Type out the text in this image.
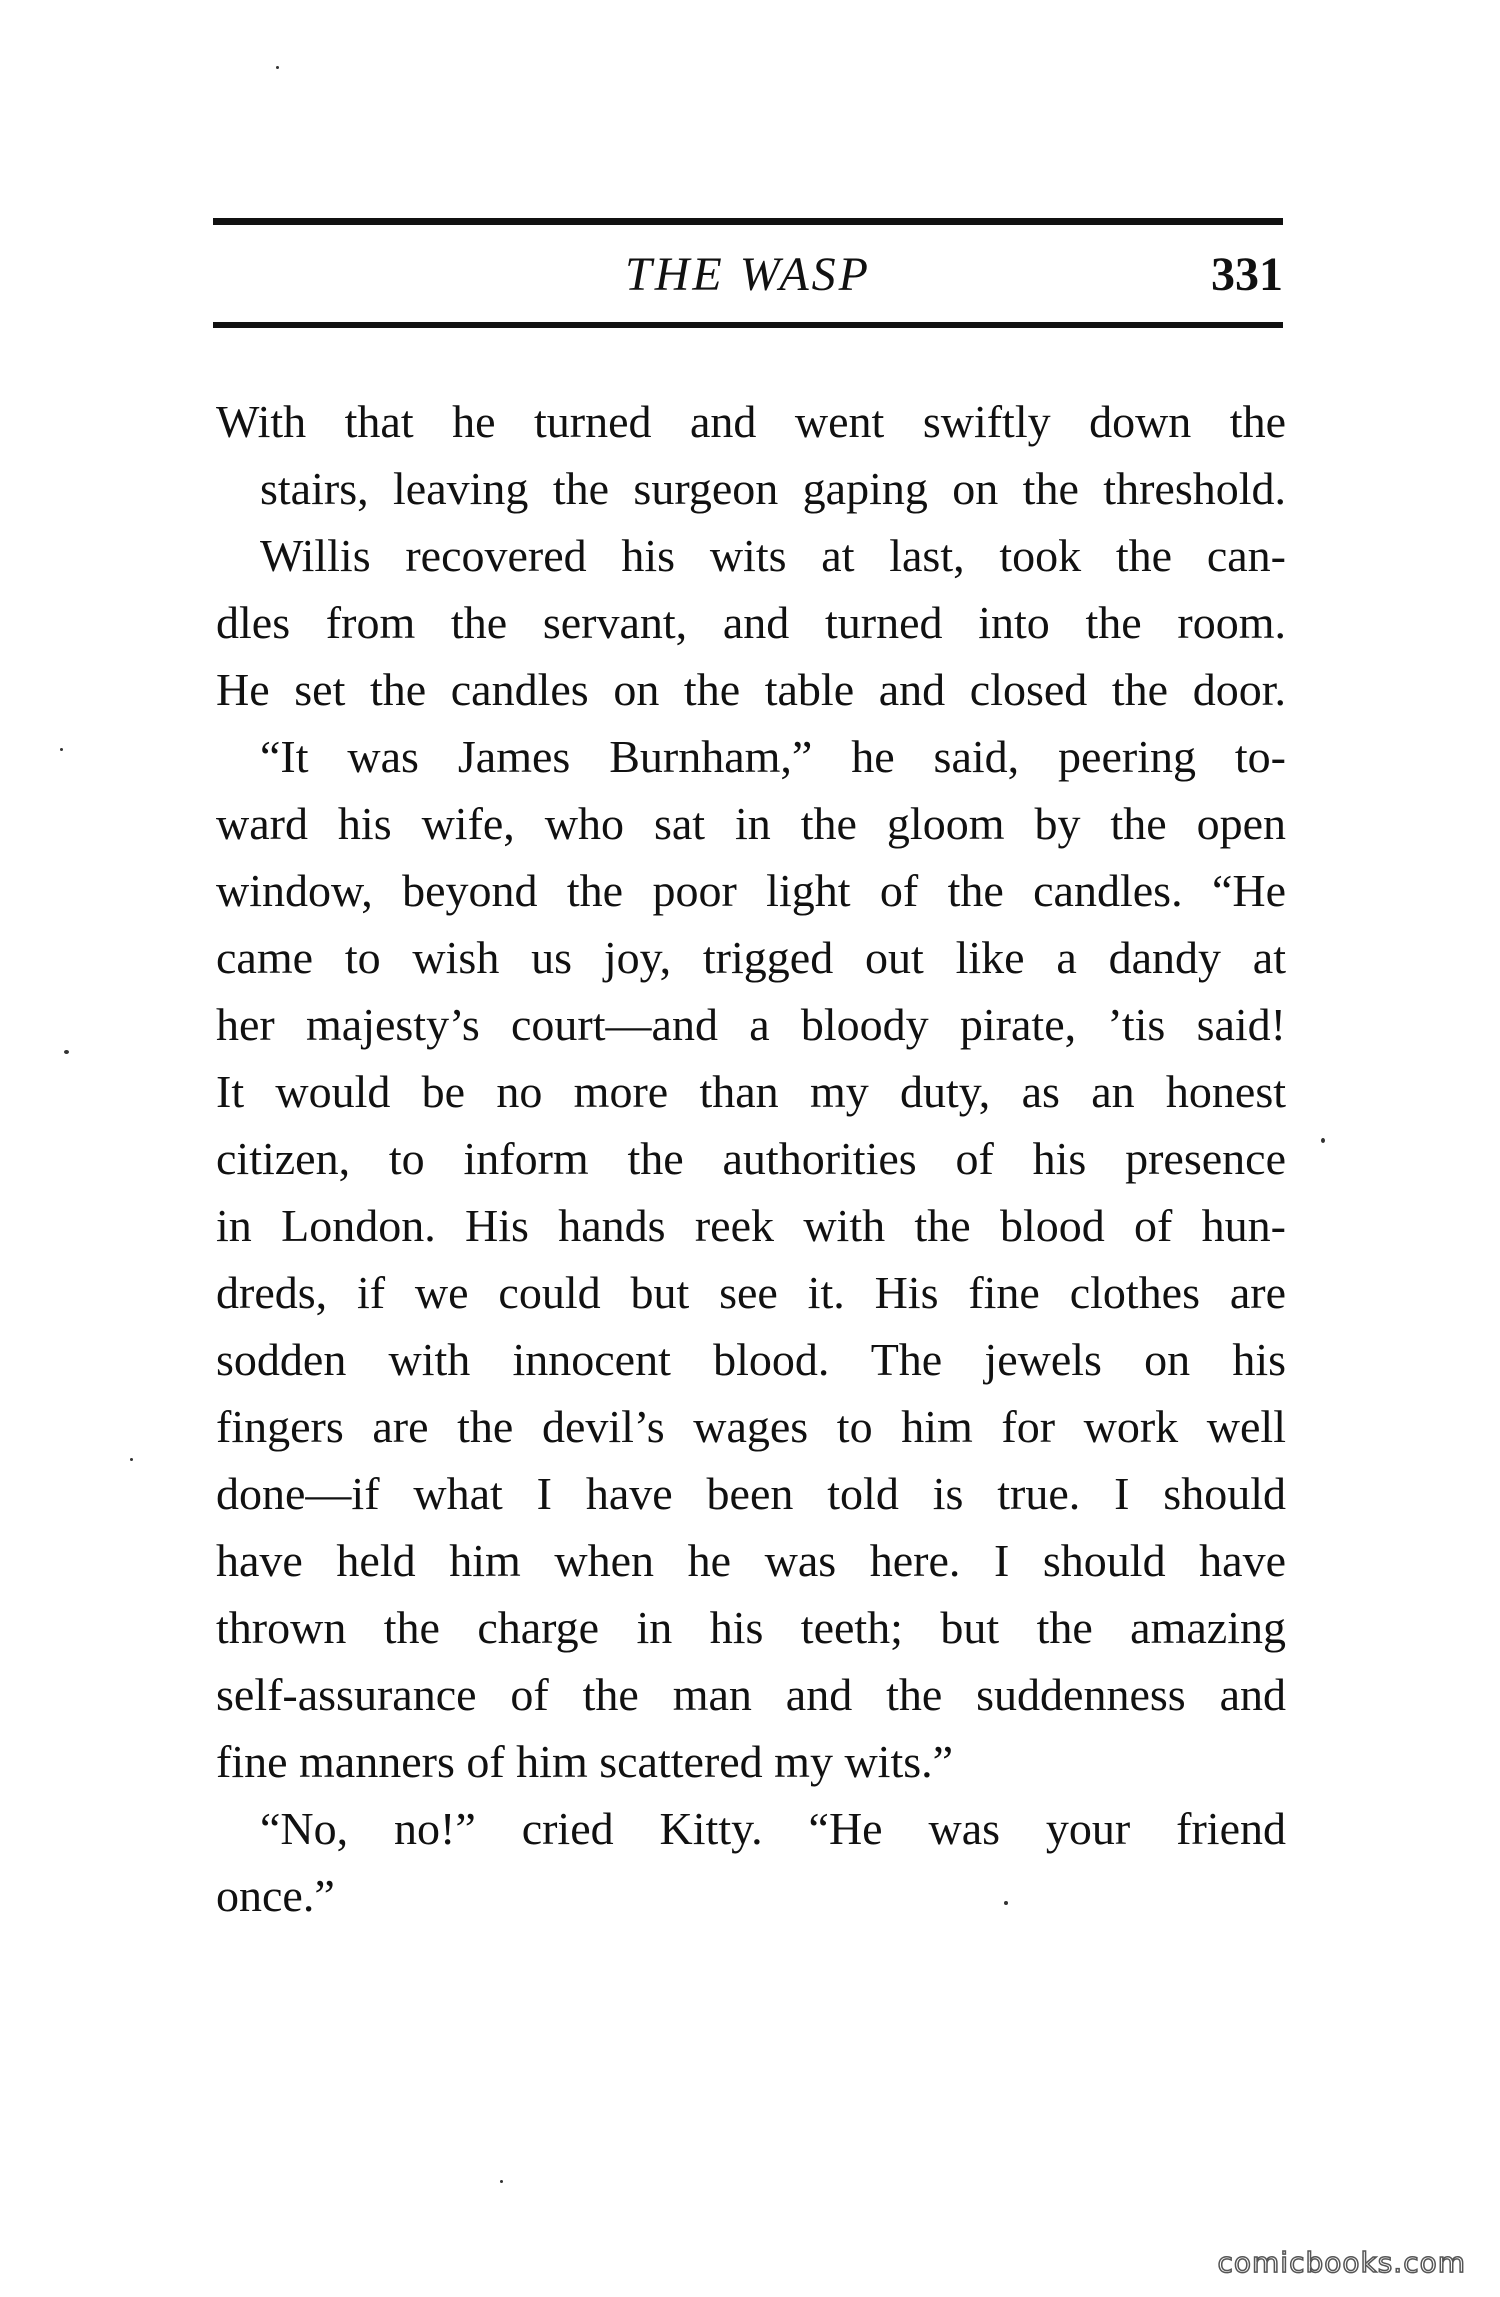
THE WASP	331
With that he turned and went swiftly down the
stairs, leaving the surgeon gaping on the threshold.
Willis recovered his wits at last, took the can-
dles from the servant, and turned into the room.
He set the candles on the table and closed the door.
“It was James Burnham,” he said, peering to-
ward his wife, who sat in the gloom by the open
window, beyond the poor light of the candles. “He
came to wish us joy, trigged out like a dandy at
her majesty’s court—and a bloody pirate, ’tis said!
It would be no more than my duty, as an honest
citizen, to inform the authorities of his presence
in London. His hands reek with the blood of hun-
dreds, if we could but see it. His fine clothes are
sodden with innocent blood. The jewels on his
fingers are the devil’s wages to him for work well
done—if what I have been told is true. I should
have held him when he was here. I should have
thrown the charge in his teeth; but the amazing
self-assurance of the man and the suddenness and
fine manners of him scattered my wits.”
“No, no!” cried Kitty. “He was your friend
once.”
comicbooks.com
